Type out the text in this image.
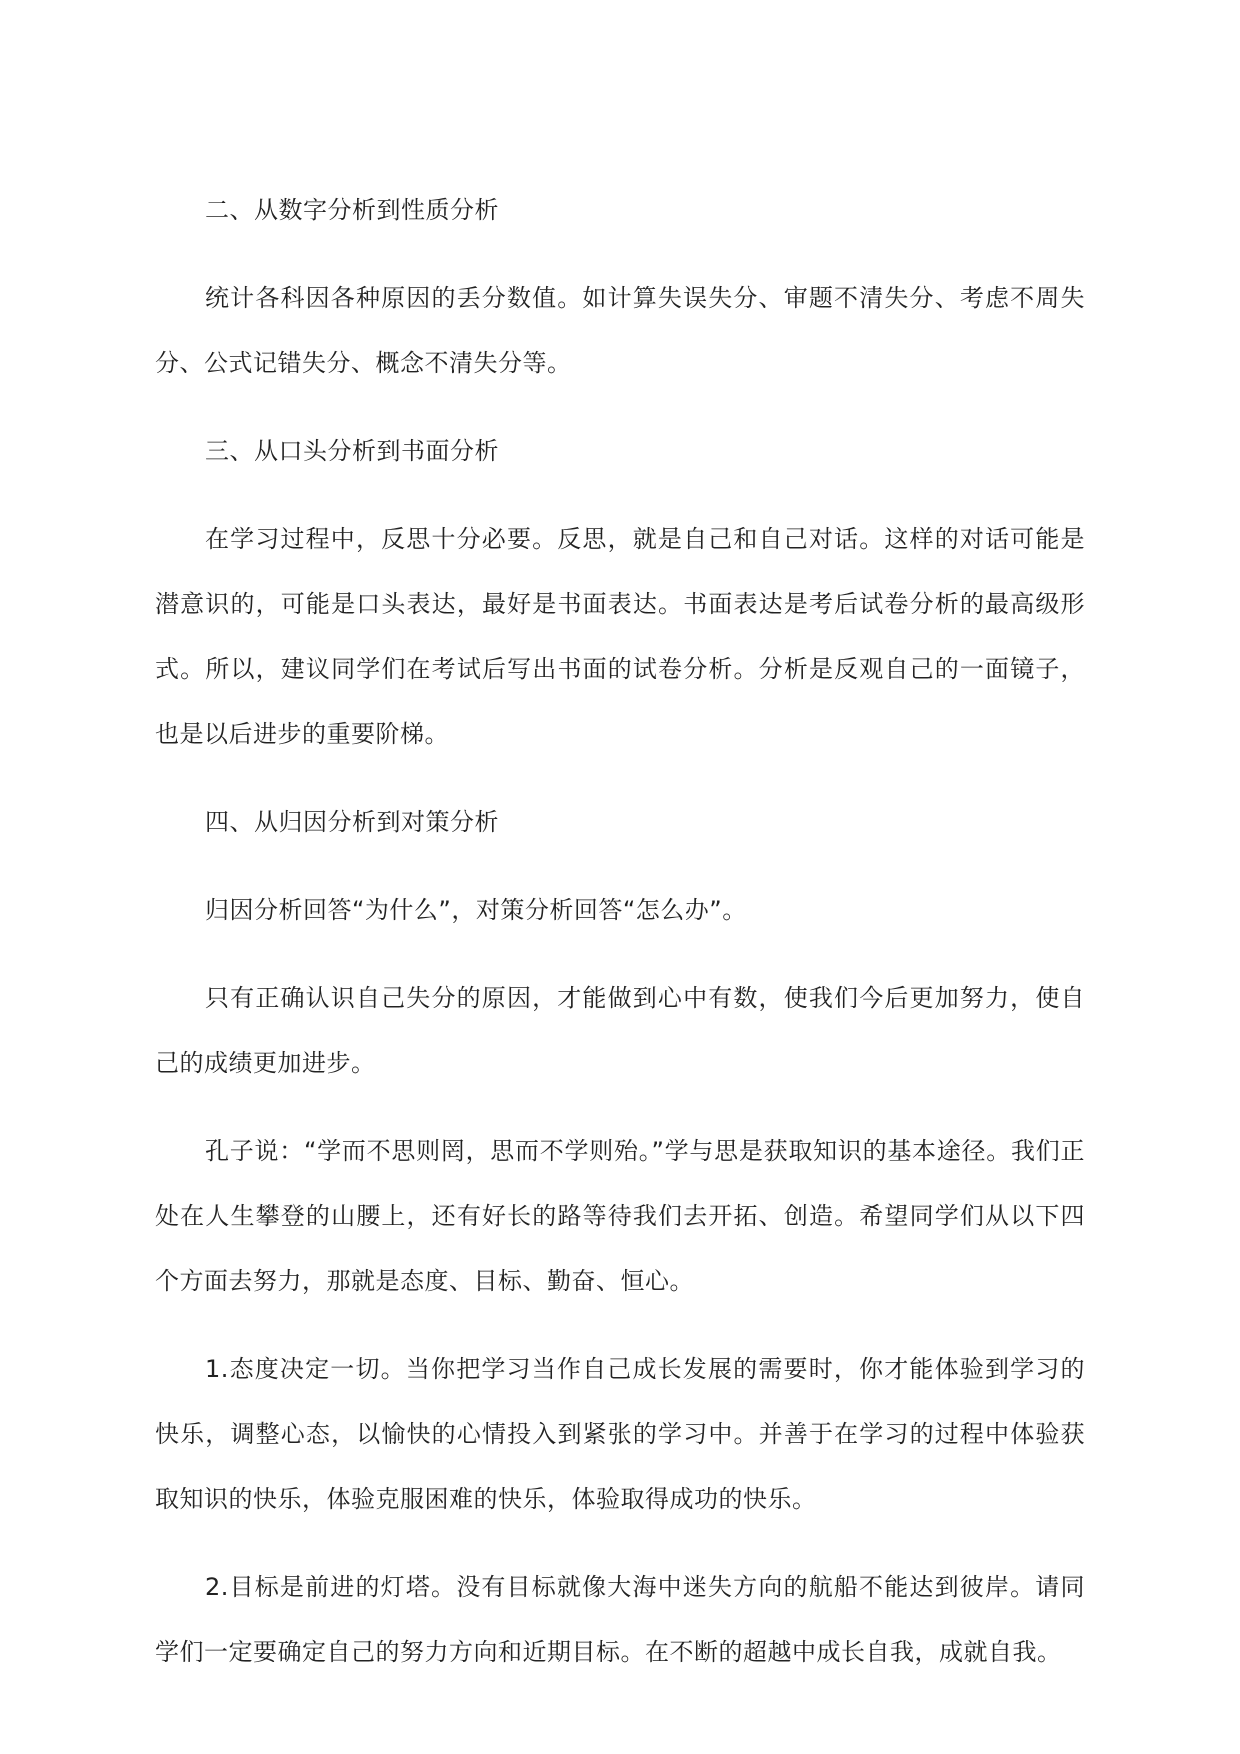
二、从数字分析到性质分析

统计各科因各种原因的丢分数值。如计算失误失分、审题不清失分、考虑不周失分、公式记错失分、概念不清失分等。

三、从口头分析到书面分析

在学习过程中，反思十分必要。反思，就是自己和自己对话。这样的对话可能是潜意识的，可能是口头表达，最好是书面表达。书面表达是考后试卷分析的最高级形式。所以，建议同学们在考试后写出书面的试卷分析。分析是反观自己的一面镜子，也是以后进步的重要阶梯。

四、从归因分析到对策分析

归因分析回答“为什么”，对策分析回答“怎么办”。

只有正确认识自己失分的原因，才能做到心中有数，使我们今后更加努力，使自己的成绩更加进步。

孔子说：“学而不思则罔，思而不学则殆。”学与思是获取知识的基本途径。我们正处在人生攀登的山腰上，还有好长的路等待我们去开拓、创造。希望同学们从以下四个方面去努力，那就是态度、目标、勤奋、恒心。

1.态度决定一切。当你把学习当作自己成长发展的需要时，你才能体验到学习的快乐，调整心态，以愉快的心情投入到紧张的学习中。并善于在学习的过程中体验获取知识的快乐，体验克服困难的快乐，体验取得成功的快乐。

2.目标是前进的灯塔。没有目标就像大海中迷失方向的航船不能达到彼岸。请同学们一定要确定自己的努力方向和近期目标。在不断的超越中成长自我，成就自我。
